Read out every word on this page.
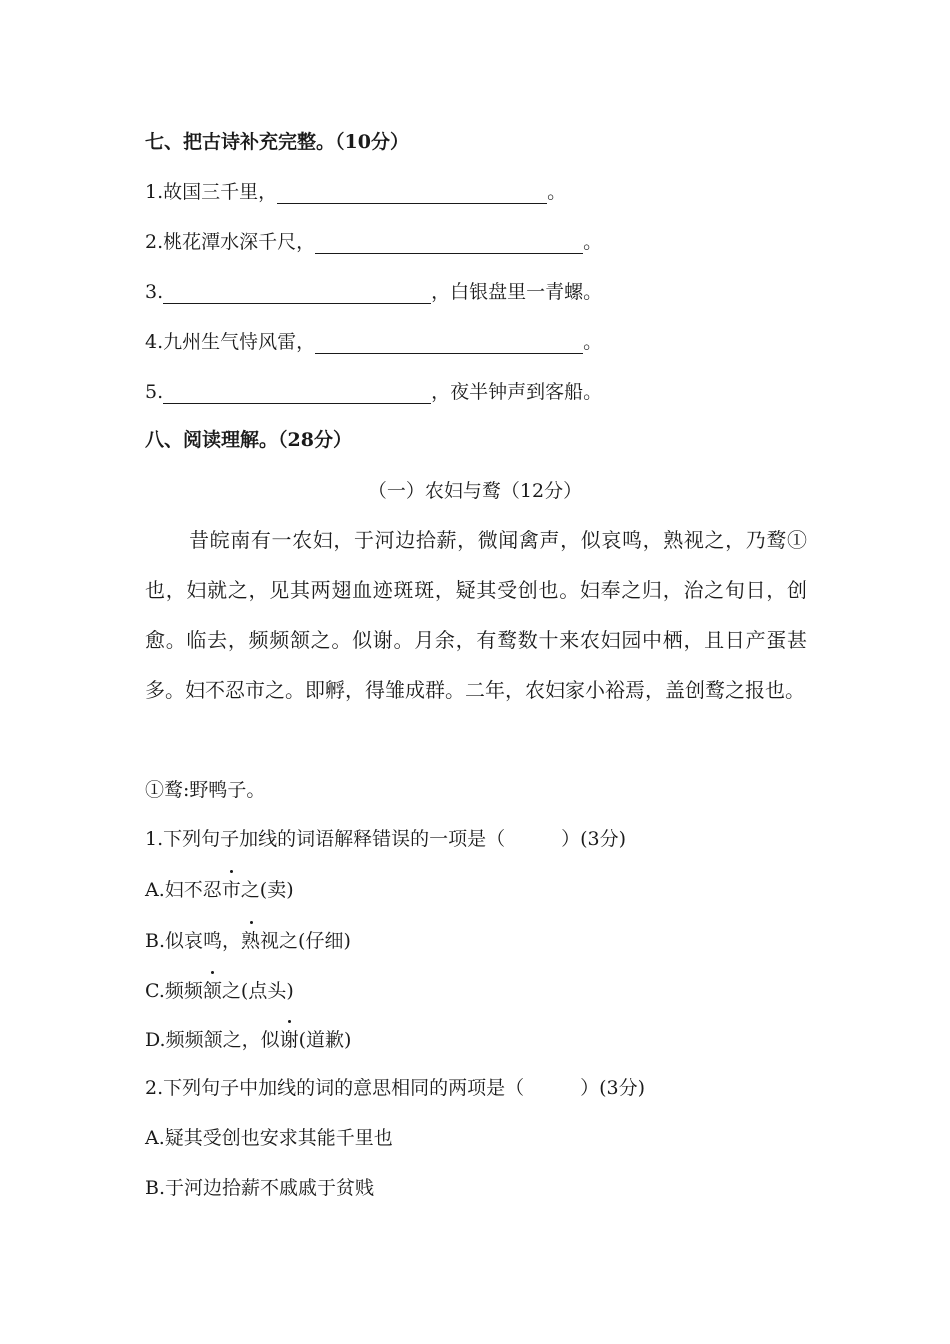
七、把古诗补充完整。（10分）
1.故国三千里，	。
2.桃花潭水深千尺，	。
3.	，白银盘里一青螺。
4.九州生气恃风雷，	。
5.	，夜半钟声到客船。
八、阅读理解。（28分）
（一）农妇与鹜（12分）
昔皖南有一农妇，于河边拾薪，微闻禽声，似哀鸣，熟视之，乃鹜①也，妇就之，见其两翅血迹斑斑，疑其受创也。妇奉之归，治之旬日，创愈。临去，频频颔之。似谢。月余，有鹜数十来农妇园中栖，且日产蛋甚多。妇不忍市之。即孵，得雏成群。二年，农妇家小裕焉，盖创鹜之报也。
①鹜:野鸭子。
1.下列句子加线的词语解释错误的一项是（	）(3分)
A.妇不忍市之(卖)
B.似哀鸣，熟视之(仔细)
C.频频颔之(点头)
D.频频颔之，似谢(道歉)
2.下列句子中加线的词的意思相同的两项是（	）(3分)
A.疑其受创也安求其能千里也
B.于河边拾薪不戚戚于贫贱
